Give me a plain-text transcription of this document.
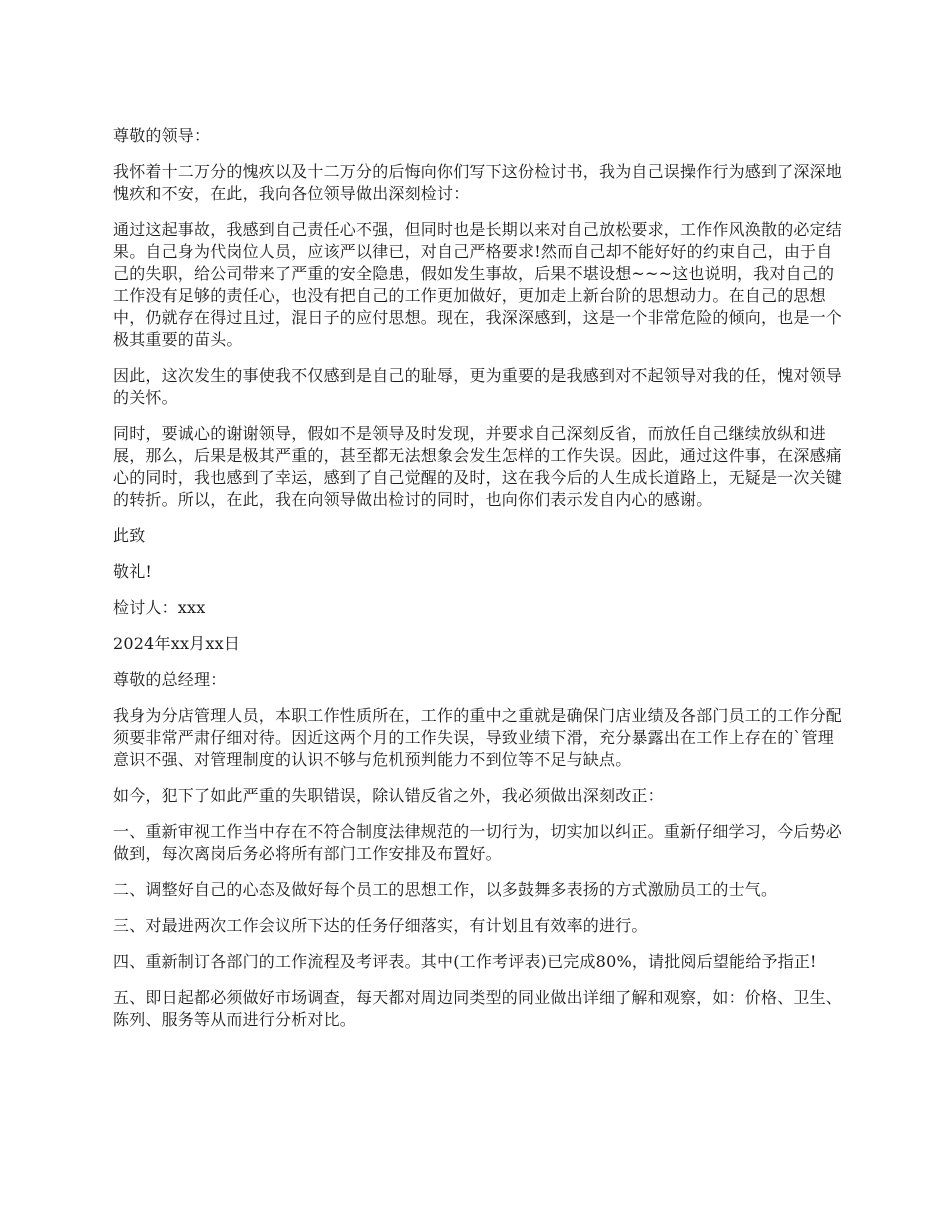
尊敬的领导：

我怀着十二万分的愧疚以及十二万分的后悔向你们写下这份检讨书，我为自己误操作行为感到了深深地愧疚和不安，在此，我向各位领导做出深刻检讨：

通过这起事故，我感到自己责任心不强，但同时也是长期以来对自己放松要求，工作作风涣散的必定结果。自己身为代岗位人员，应该严以律已，对自己严格要求!然而自己却不能好好的约束自己，由于自己的失职，给公司带来了严重的安全隐患，假如发生事故，后果不堪设想~~~这也说明，我对自己的工作没有足够的责任心，也没有把自己的工作更加做好，更加走上新台阶的思想动力。在自己的思想中，仍就存在得过且过，混日子的应付思想。现在，我深深感到，这是一个非常危险的倾向，也是一个极其重要的苗头。

因此，这次发生的事使我不仅感到是自己的耻辱，更为重要的是我感到对不起领导对我的任，愧对领导的关怀。

同时，要诚心的谢谢领导，假如不是领导及时发现，并要求自己深刻反省，而放任自己继续放纵和进展，那么，后果是极其严重的，甚至都无法想象会发生怎样的工作失误。因此，通过这件事，在深感痛心的同时，我也感到了幸运，感到了自己觉醒的及时，这在我今后的人生成长道路上，无疑是一次关键的转折。所以，在此，我在向领导做出检讨的同时，也向你们表示发自内心的感谢。

此致

敬礼!

检讨人：xxx

2024年xx月xx日

尊敬的总经理：

我身为分店管理人员，本职工作性质所在，工作的重中之重就是确保门店业绩及各部门员工的工作分配须要非常严肃仔细对待。因近这两个月的工作失误，导致业绩下滑，充分暴露出在工作上存在的`管理意识不强、对管理制度的认识不够与危机预判能力不到位等不足与缺点。

如今，犯下了如此严重的失职错误，除认错反省之外，我必须做出深刻改正：

一、重新审视工作当中存在不符合制度法律规范的一切行为，切实加以纠正。重新仔细学习，今后势必做到，每次离岗后务必将所有部门工作安排及布置好。

二、调整好自己的心态及做好每个员工的思想工作，以多鼓舞多表扬的方式激励员工的士气。

三、对最进两次工作会议所下达的任务仔细落实，有计划且有效率的进行。

四、重新制订各部门的工作流程及考评表。其中(工作考评表)已完成80%，请批阅后望能给予指正!

五、即日起都必须做好市场调查，每天都对周边同类型的同业做出详细了解和观察，如：价格、卫生、陈列、服务等从而进行分析对比。
